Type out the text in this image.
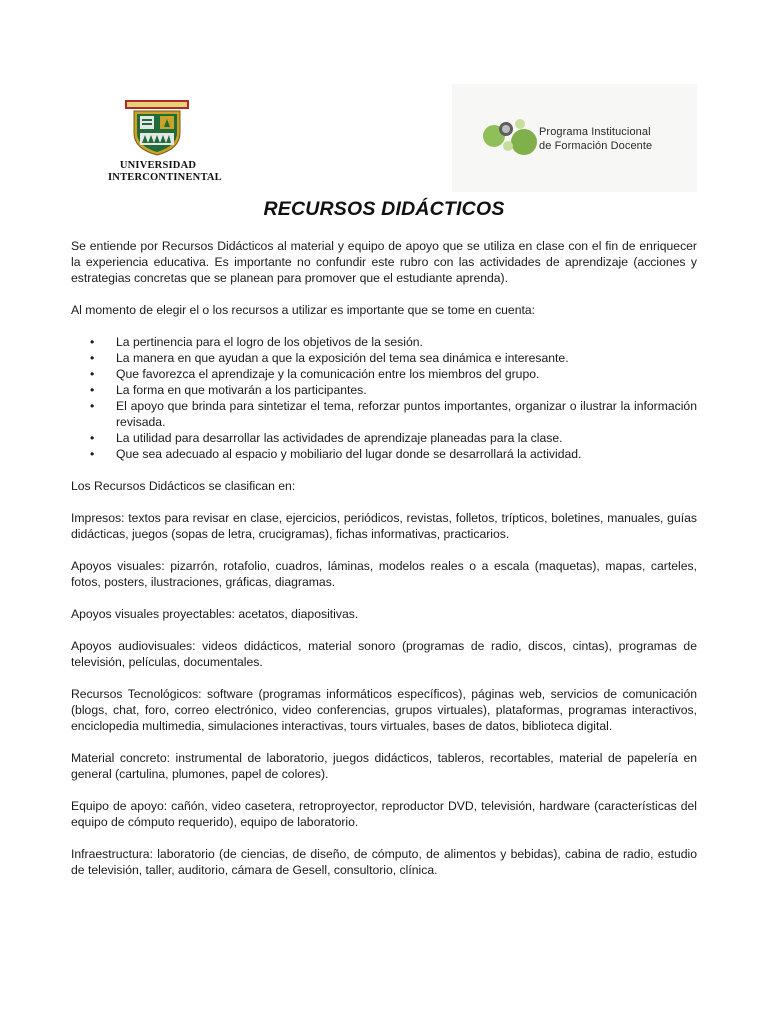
UNIVERSIDAD
INTERCONTINENTAL
Programa Institucional
de Formación Docente
RECURSOS DIDÁCTICOS

Se entiende por Recursos Didácticos al material y equipo de apoyo que se utiliza en clase con el fin de enriquecer la experiencia educativa. Es importante no confundir este rubro con las actividades de aprendizaje (acciones y estrategias concretas que se planean para promover que el estudiante aprenda).

Al momento de elegir el o los recursos a utilizar es importante que se tome en cuenta:

• La pertinencia para el logro de los objetivos de la sesión.
• La manera en que ayudan a que la exposición del tema sea dinámica e interesante.
• Que favorezca el aprendizaje y la comunicación entre los miembros del grupo.
• La forma en que motivarán a los participantes.
• El apoyo que brinda para sintetizar el tema, reforzar puntos importantes, organizar o ilustrar la información revisada.
• La utilidad para desarrollar las actividades de aprendizaje planeadas para la clase.
• Que sea adecuado al espacio y mobiliario del lugar donde se desarrollará la actividad.

Los Recursos Didácticos se clasifican en:

Impresos: textos para revisar en clase, ejercicios, periódicos, revistas, folletos, trípticos, boletines, manuales, guías didácticas, juegos (sopas de letra, crucigramas), fichas informativas, practicarios.

Apoyos visuales: pizarrón, rotafolio, cuadros, láminas, modelos reales o a escala (maquetas), mapas, carteles, fotos, posters, ilustraciones, gráficas, diagramas.

Apoyos visuales proyectables: acetatos, diapositivas.

Apoyos audiovisuales: videos didácticos, material sonoro (programas de radio, discos, cintas), programas de televisión, películas, documentales.

Recursos Tecnológicos: software (programas informáticos específicos), páginas web, servicios de comunicación (blogs, chat, foro, correo electrónico, video conferencias, grupos virtuales), plataformas, programas interactivos, enciclopedia multimedia, simulaciones interactivas, tours virtuales, bases de datos, biblioteca digital.

Material concreto: instrumental de laboratorio, juegos didácticos, tableros, recortables, material de papelería en general (cartulina, plumones, papel de colores).

Equipo de apoyo: cañón, video casetera, retroproyector, reproductor DVD, televisión, hardware (características del equipo de cómputo requerido), equipo de laboratorio.

Infraestructura: laboratorio (de ciencias, de diseño, de cómputo, de alimentos y bebidas), cabina de radio, estudio de televisión, taller, auditorio, cámara de Gesell, consultorio, clínica.
